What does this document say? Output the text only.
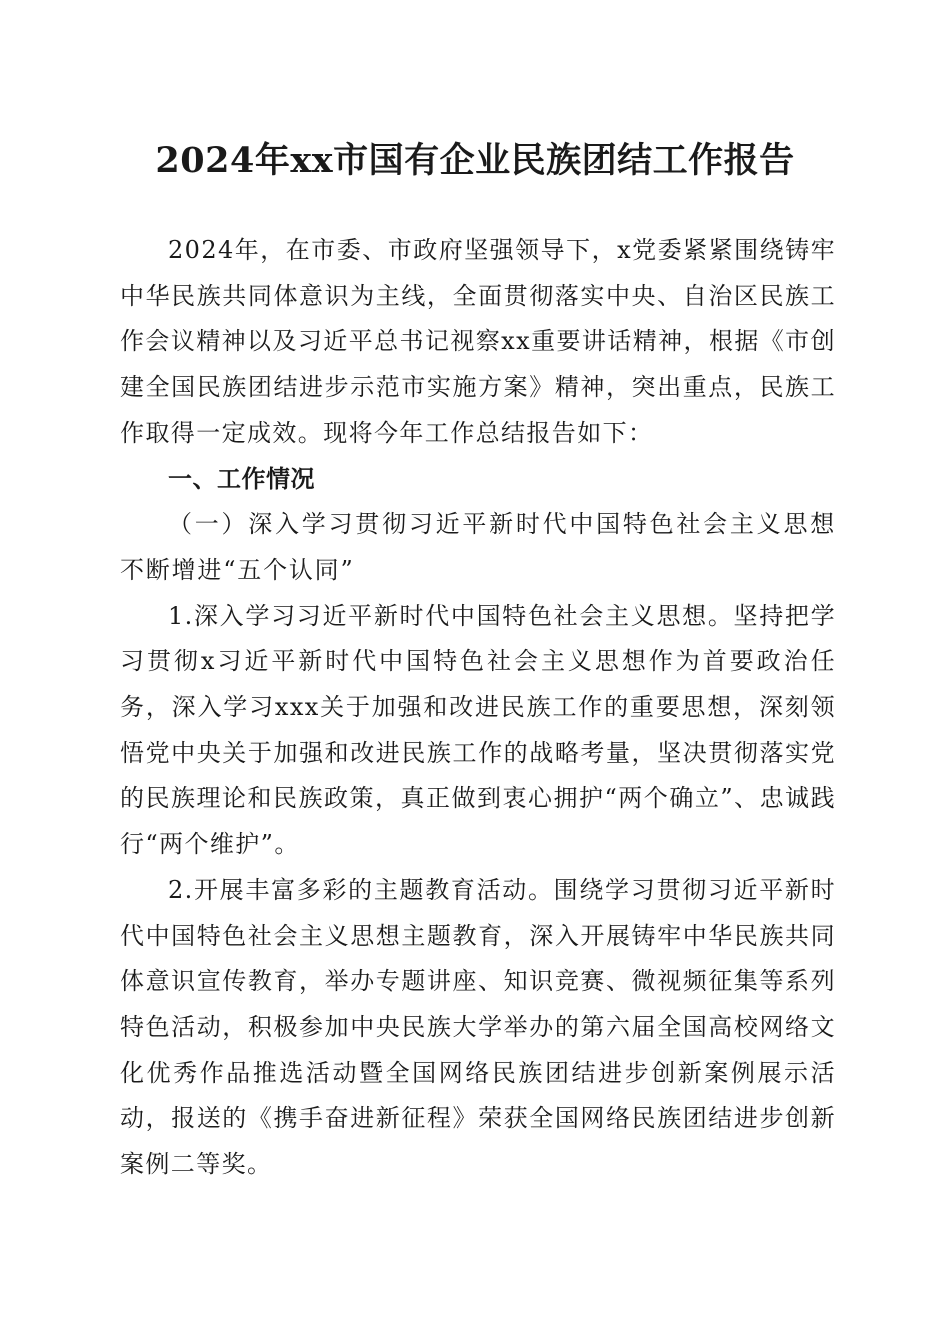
2024年xx市国有企业民族团结工作报告

2024年，在市委、市政府坚强领导下，x党委紧紧围绕铸牢中华民族共同体意识为主线，全面贯彻落实中央、自治区民族工作会议精神以及习近平总书记视察xx重要讲话精神，根据《市创建全国民族团结进步示范市实施方案》精神，突出重点，民族工作取得一定成效。现将今年工作总结报告如下：

一、工作情况

（一）深入学习贯彻习近平新时代中国特色社会主义思想不断增进“五个认同”

1.深入学习习近平新时代中国特色社会主义思想。坚持把学习贯彻x习近平新时代中国特色社会主义思想作为首要政治任务，深入学习xxx关于加强和改进民族工作的重要思想，深刻领悟党中央关于加强和改进民族工作的战略考量，坚决贯彻落实党的民族理论和民族政策，真正做到衷心拥护“两个确立”、忠诚践行“两个维护”。

2.开展丰富多彩的主题教育活动。围绕学习贯彻习近平新时代中国特色社会主义思想主题教育，深入开展铸牢中华民族共同体意识宣传教育，举办专题讲座、知识竞赛、微视频征集等系列特色活动，积极参加中央民族大学举办的第六届全国高校网络文化优秀作品推选活动暨全国网络民族团结进步创新案例展示活动，报送的《携手奋进新征程》荣获全国网络民族团结进步创新案例二等奖。
